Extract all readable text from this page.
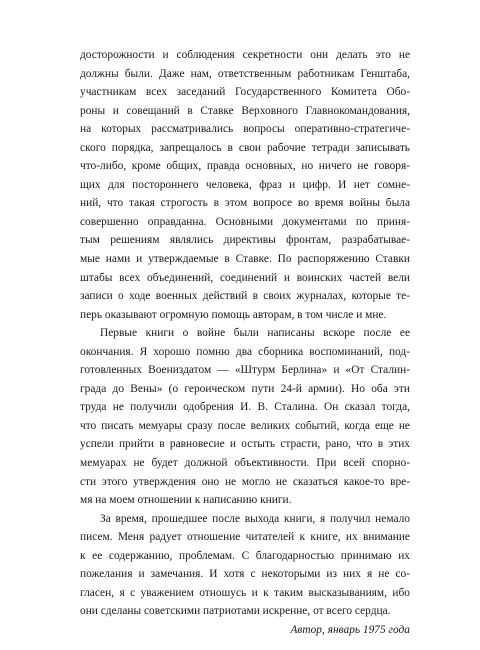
досторожности и соблюдения секретности они делать это не
должны были. Даже нам, ответственным работникам Генштаба,
участникам всех заседаний Государственного Комитета Обо-
роны и совещаний в Ставке Верховного Главнокомандования,
на которых рассматривались вопросы оперативно-стратегиче-
ского порядка, запрещалось в свои рабочие тетради записывать
что-либо, кроме общих, правда основных, но ничего не говоря-
щих для постороннего человека, фраз и цифр. И нет сомне-
ний, что такая строгость в этом вопросе во время войны была
совершенно оправданна. Основными документами по приня-
тым решениям являлись директивы фронтам, разрабатывае-
мые нами и утверждаемые в Ставке. По распоряжению Ставки
штабы всех объединений, соединений и воинских частей вели
записи о ходе военных действий в своих журналах, которые те-
перь оказывают огромную помощь авторам, в том числе и мне.
Первые книги о войне были написаны вскоре после ее
окончания. Я хорошо помню два сборника воспоминаний, под-
готовленных Воениздатом — «Штурм Берлина» и «От Сталин-
града до Вены» (о героическом пути 24-й армии). Но оба эти
труда не получили одобрения И. В. Сталина. Он сказал тогда,
что писать мемуары сразу после великих событий, когда еще не
успели прийти в равновесие и остыть страсти, рано, что в этих
мемуарах не будет должной объективности. При всей спорно-
сти этого утверждения оно не могло не сказаться какое-то вре-
мя на моем отношении к написанию книги.
За время, прошедшее после выхода книги, я получил немало
писем. Меня радует отношение читателей к книге, их внимание
к ее содержанию, проблемам. С благодарностью принимаю их
пожелания и замечания. И хотя с некоторыми из них я не со-
гласен, я с уважением отношусь и к таким высказываниям, ибо
они сделаны советскими патриотами искренне, от всего сердца.
Автор, январь 1975 года
